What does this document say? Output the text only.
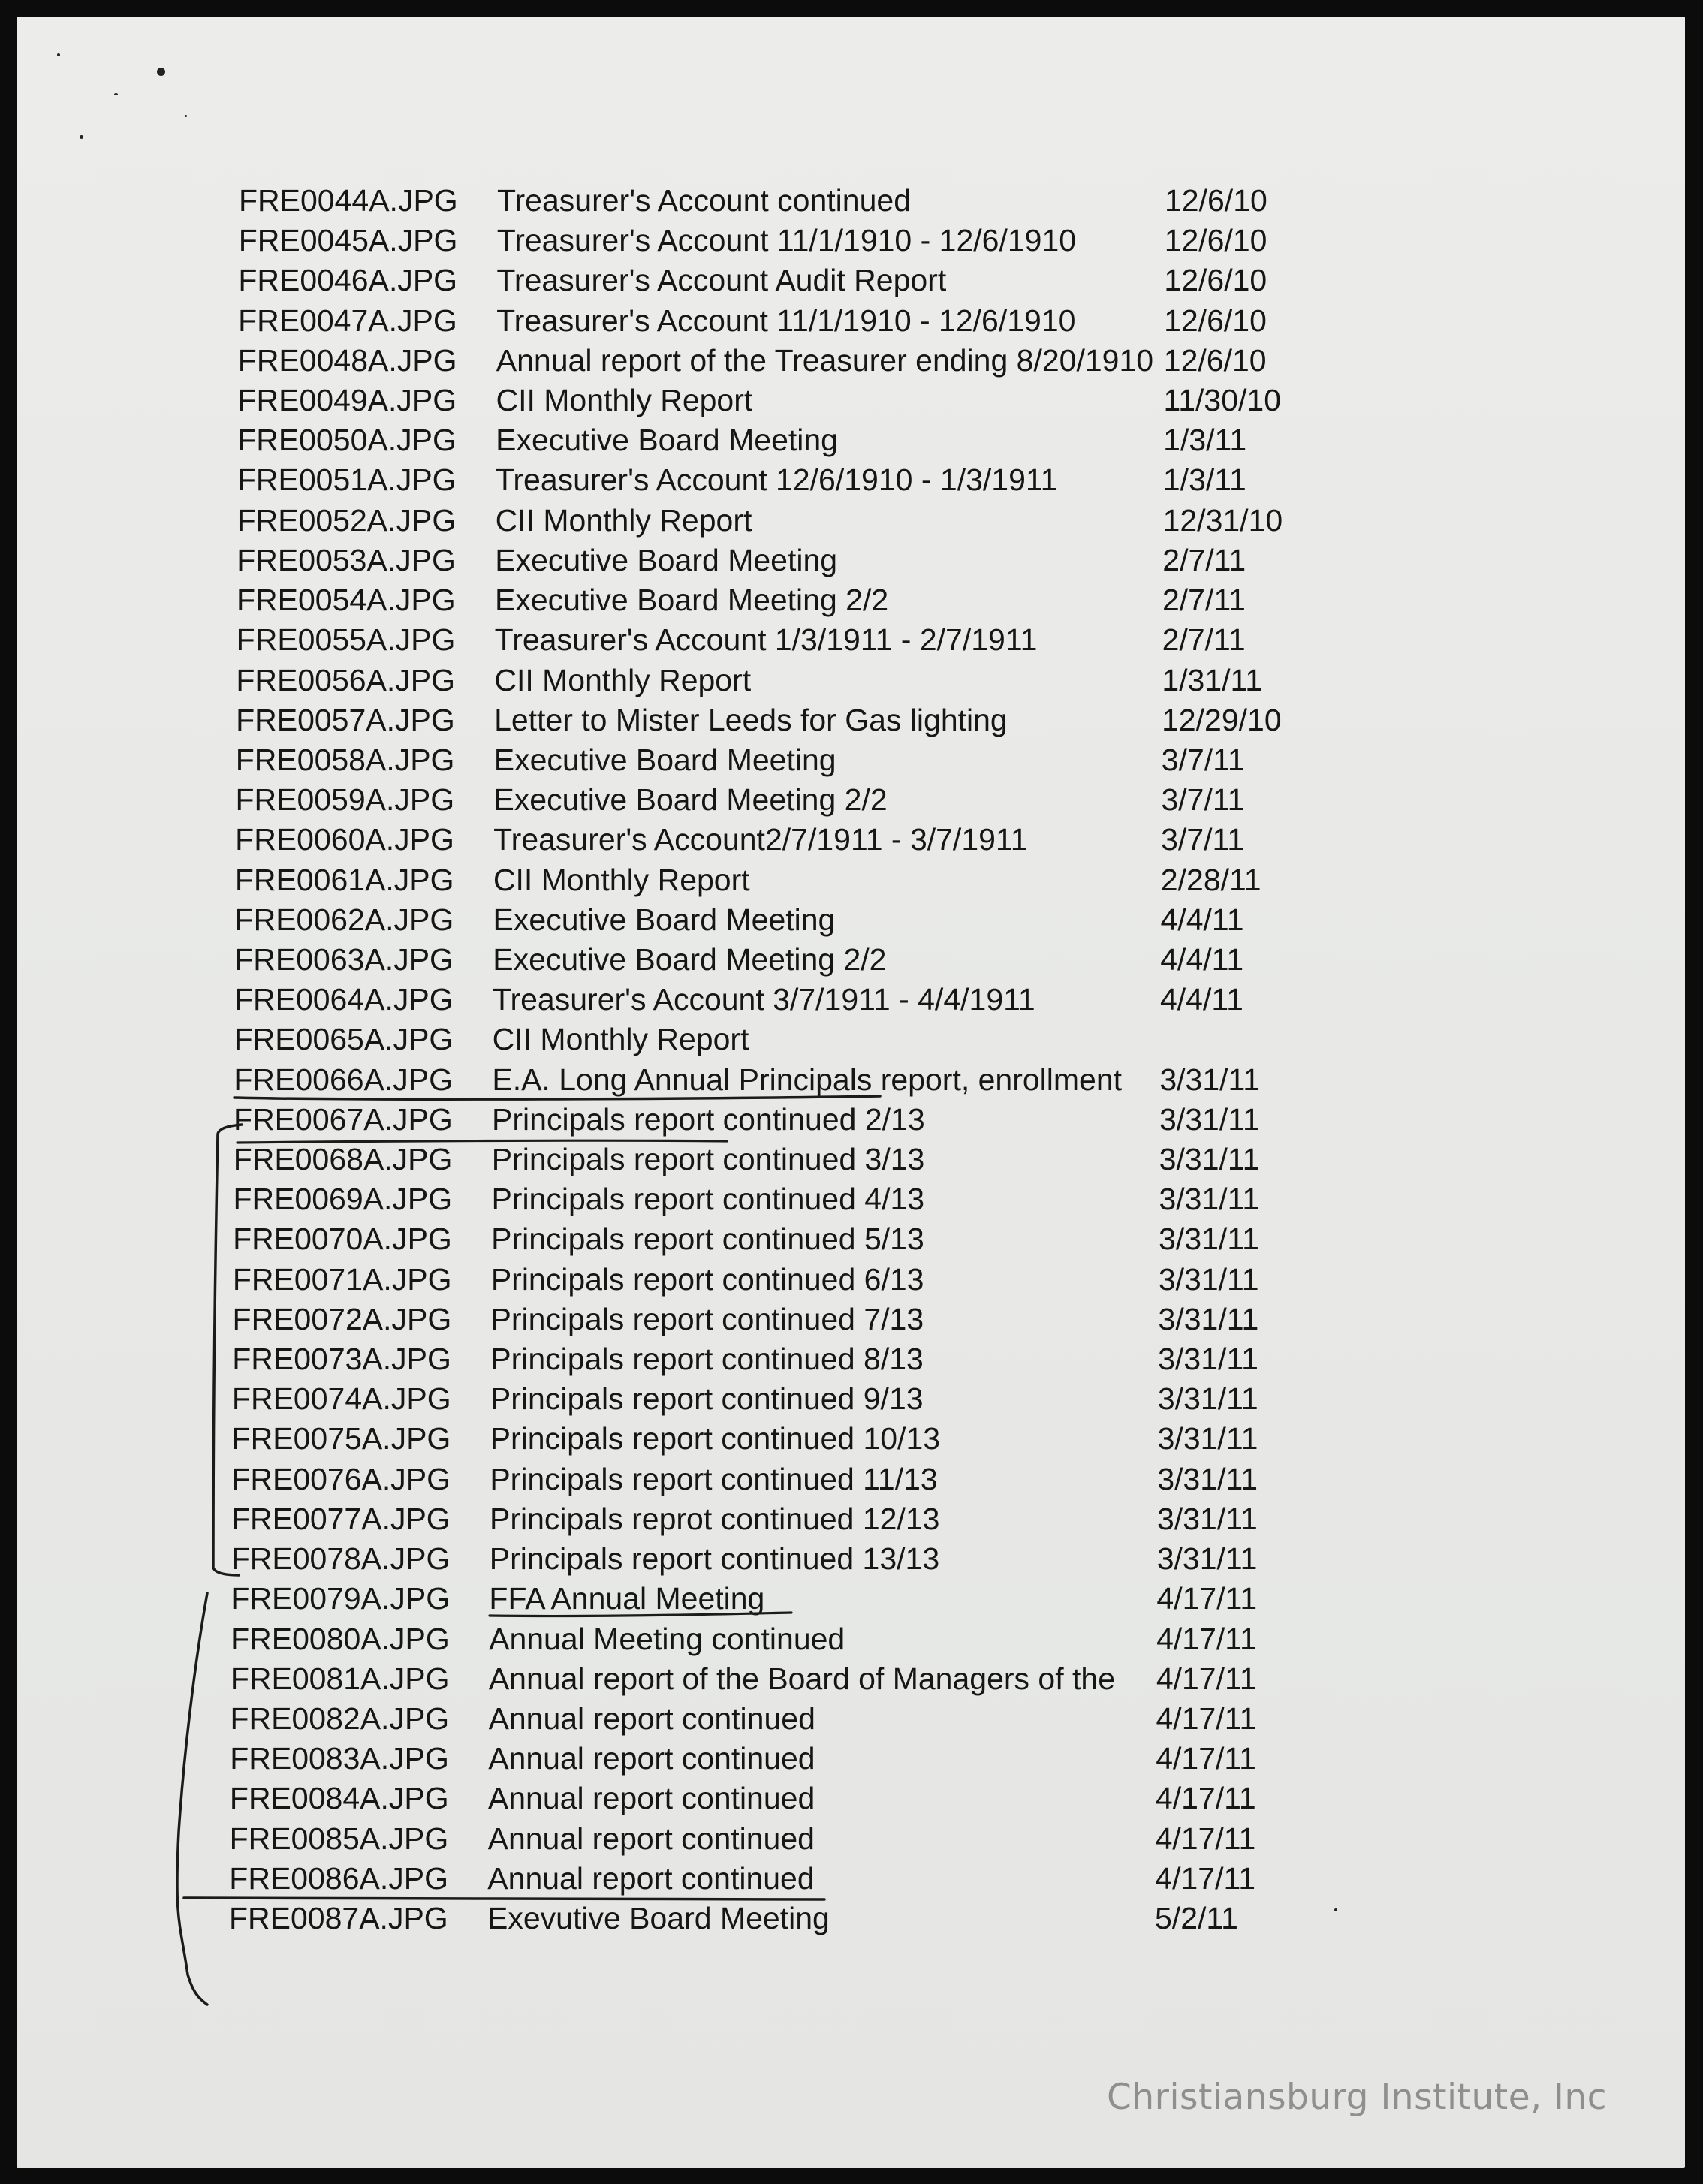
FRE0044A.JPG Treasurer's Account continued	12/6/10
FRE0045A.JPG Treasurer's Account 11/1/1910 - 12/6/1910	12/6/10
FRE0046A.JPG Treasurer's Account Audit Report	12/6/10
FRE0047A.JPG Treasurer's Account 11/1/1910 - 12/6/1910	12/6/10
FRE0048A.JPG Annual report of the Treasurer ending 8/20/1910 12/6/10
FRE0049A.JPG CII Monthly Report	11/30/10
FRE0050A.JPG Executive Board Meeting	1/3/11
FRE0051A.JPG Treasurer's Account 12/6/1910 - 1/3/1911	1/3/11
FRE0052A.JPG CII Monthly Report	12/31/10
FRE0053A.JPG Executive Board Meeting	2/7/11
FRE0054A.JPG Executive Board Meeting 2/2	2/7/11
FRE0055A.JPG Treasurer's Account 1/3/1911 - 2/7/1911	2/7/11
FRE0056A.JPG CII Monthly Report	1/31/11
FRE0057A.JPG Letter to Mister Leeds for Gas lighting	12/29/10
FRE0058A.JPG Executive Board Meeting	3/7/11
FRE0059A.JPG Executive Board Meeting 2/2	3/7/11
FRE0060A.JPG Treasurer's Account2/7/1911 - 3/7/1911	3/7/11
FRE0061A.JPG CII Monthly Report	2/28/11
FRE0062A.JPG Executive Board Meeting	4/4/11
FRE0063A.JPG Executive Board Meeting 2/2	4/4/11
FRE0064A.JPG Treasurer's Account 3/7/1911 - 4/4/1911	4/4/11
FRE0065A.JPG CII Monthly Report
FRE0066A.JPG E.A. Long Annual Principals report, enrollment	3/31/11
FRE0067A.JPG Principals report continued 2/13	3/31/11
FRE0068A.JPG Principals report continued 3/13	3/31/11
FRE0069A.JPG Principals report continued 4/13	3/31/11
FRE0070A.JPG Principals report continued 5/13	3/31/11
FRE0071A.JPG Principals report continued 6/13	3/31/11
FRE0072A.JPG Principals report continued 7/13	3/31/11
FRE0073A.JPG Principals report continued 8/13	3/31/11
FRE0074A.JPG Principals report continued 9/13	3/31/11
FRE0075A.JPG Principals report continued 10/13	3/31/11
FRE0076A.JPG Principals report continued 11/13	3/31/11
FRE0077A.JPG Principals reprot continued 12/13	3/31/11
FRE0078A.JPG Principals report continued 13/13	3/31/11
FRE0079A.JPG FFA Annual Meeting	4/17/11
FRE0080A.JPG Annual Meeting continued	4/17/11
FRE0081A.JPG Annual report of the Board of Managers of the	4/17/11
FRE0082A.JPG Annual report continued	4/17/11
FRE0083A.JPG Annual report continued	4/17/11
FRE0084A.JPG Annual report continued	4/17/11
FRE0085A.JPG Annual report continued	4/17/11
FRE0086A.JPG Annual report continued	4/17/11
FRE0087A.JPG Exevutive Board Meeting	5/2/11
Christiansburg Institute, Inc
